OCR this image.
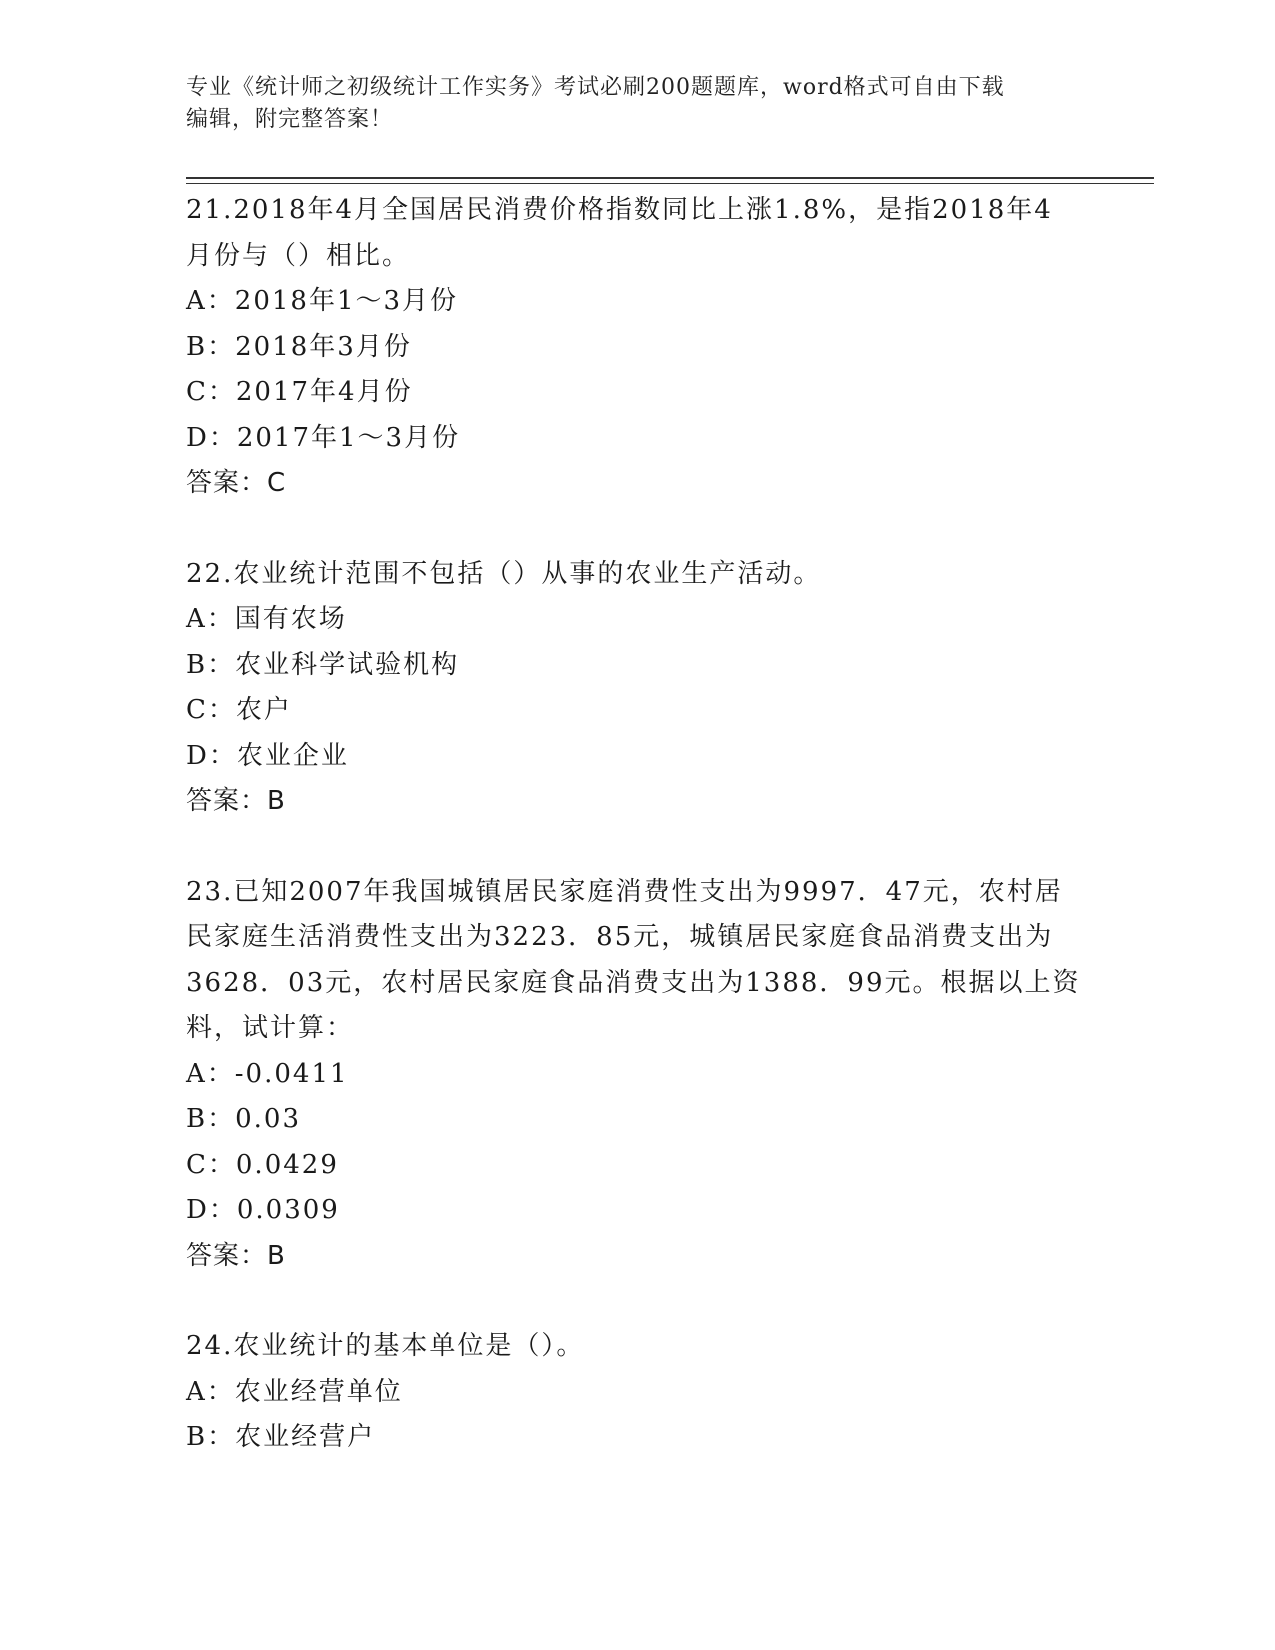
专业《统计师之初级统计工作实务》考试必刷200题题库，word格式可自由下载
编辑，附完整答案！

21.2018年4月全国居民消费价格指数同比上涨1.8%，是指2018年4

月份与（）相比。

A：2018年1～3月份

B：2018年3月份

C：2017年4月份

D：2017年1～3月份

答案：C

22.农业统计范围不包括（）从事的农业生产活动。

A：国有农场

B：农业科学试验机构

C：农户

D：农业企业

答案：B

23.已知2007年我国城镇居民家庭消费性支出为9997．47元，农村居

民家庭生活消费性支出为3223．85元，城镇居民家庭食品消费支出为

3628．03元，农村居民家庭食品消费支出为1388．99元。根据以上资

料，试计算：

A：-0.0411

B：0.03

C：0.0429

D：0.0309

答案：B

24.农业统计的基本单位是（）。

A：农业经营单位

B：农业经营户
